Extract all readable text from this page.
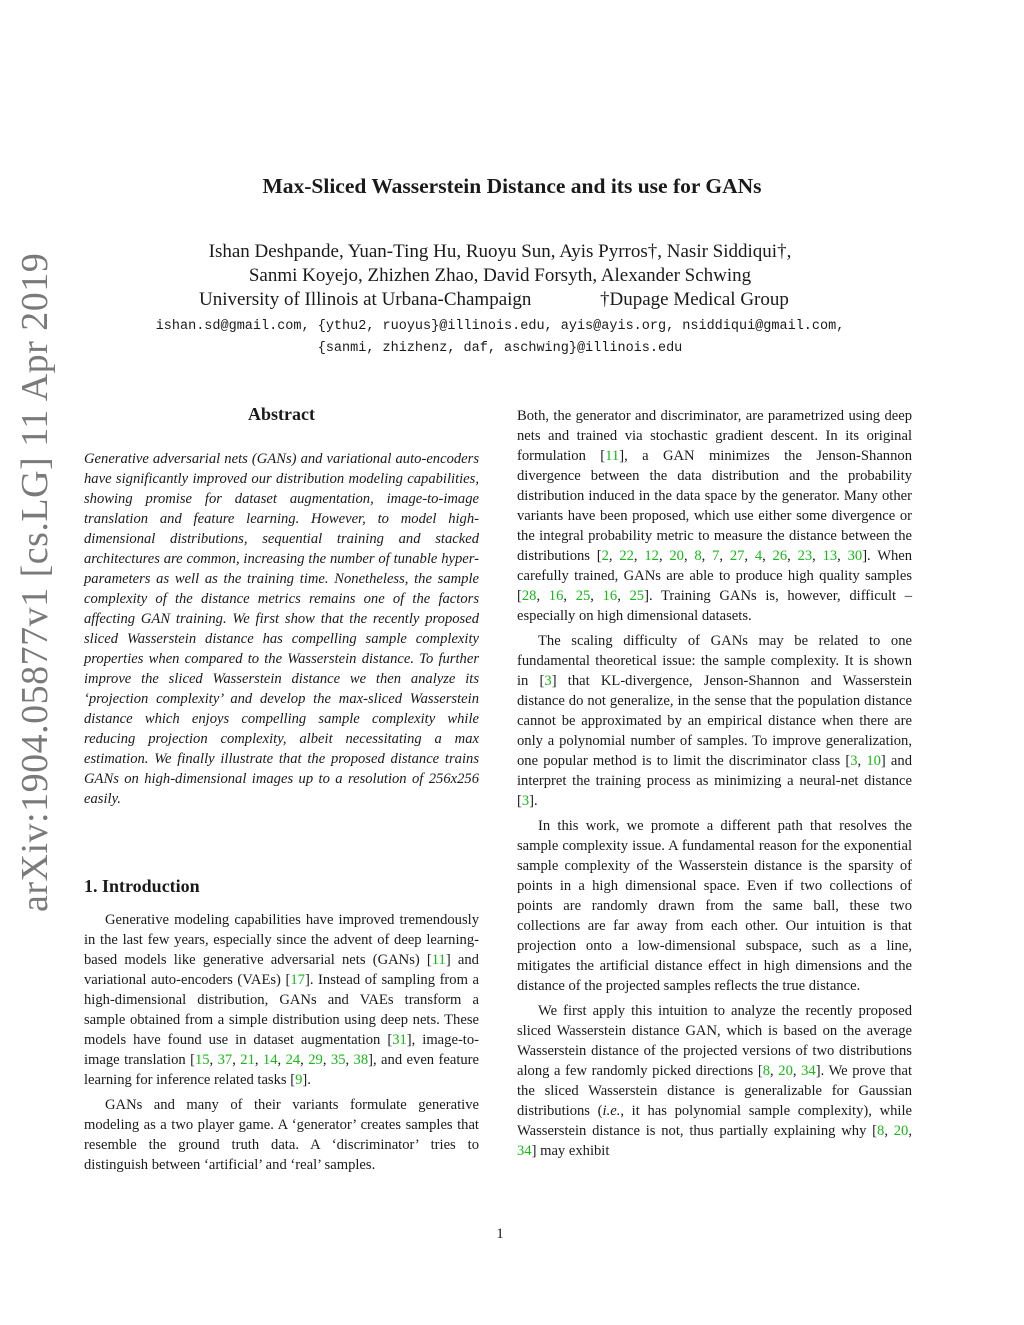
arXiv:1904.05877v1 [cs.LG] 11 Apr 2019
Max-Sliced Wasserstein Distance and its use for GANs
Ishan Deshpande, Yuan-Ting Hu, Ruoyu Sun, Ayis Pyrros†, Nasir Siddiqui†,
Sanmi Koyejo, Zhizhen Zhao, David Forsyth, Alexander Schwing
University of Illinois at Urbana-Champaign	†Dupage Medical Group
ishan.sd@gmail.com, {ythu2, ruoyus}@illinois.edu, ayis@ayis.org, nsiddiqui@gmail.com,
{sanmi, zhizhenz, daf, aschwing}@illinois.edu
Abstract

Generative adversarial nets (GANs) and variational auto-encoders have significantly improved our distribution modeling capabilities, showing promise for dataset augmentation, image-to-image translation and feature learning. However, to model high-dimensional distributions, sequential training and stacked architectures are common, increasing the number of tunable hyper-parameters as well as the training time. Nonetheless, the sample complexity of the distance metrics remains one of the factors affecting GAN training. We first show that the recently proposed sliced Wasserstein distance has compelling sample complexity properties when compared to the Wasserstein distance. To further improve the sliced Wasserstein distance we then analyze its ‘projection complexity’ and develop the max-sliced Wasserstein distance which enjoys compelling sample complexity while reducing projection complexity, albeit necessitating a max estimation. We finally illustrate that the proposed distance trains GANs on high-dimensional images up to a resolution of 256x256 easily.

1. Introduction

Generative modeling capabilities have improved tremendously in the last few years, especially since the advent of deep learning-based models like generative adversarial nets (GANs) [11] and variational auto-encoders (VAEs) [17]. Instead of sampling from a high-dimensional distribution, GANs and VAEs transform a sample obtained from a simple distribution using deep nets. These models have found use in dataset augmentation [31], image-to-image translation [15, 37, 21, 14, 24, 29, 35, 38], and even feature learning for inference related tasks [9].

GANs and many of their variants formulate generative modeling as a two player game. A ‘generator’ creates samples that resemble the ground truth data. A ‘discriminator’ tries to distinguish between ‘artificial’ and ‘real’ samples.

Both, the generator and discriminator, are parametrized using deep nets and trained via stochastic gradient descent. In its original formulation [11], a GAN minimizes the Jenson-Shannon divergence between the data distribution and the probability distribution induced in the data space by the generator. Many other variants have been proposed, which use either some divergence or the integral probability metric to measure the distance between the distributions [2, 22, 12, 20, 8, 7, 27, 4, 26, 23, 13, 30]. When carefully trained, GANs are able to produce high quality samples [28, 16, 25, 16, 25]. Training GANs is, however, difficult – especially on high dimensional datasets.

The scaling difficulty of GANs may be related to one fundamental theoretical issue: the sample complexity. It is shown in [3] that KL-divergence, Jenson-Shannon and Wasserstein distance do not generalize, in the sense that the population distance cannot be approximated by an empirical distance when there are only a polynomial number of samples. To improve generalization, one popular method is to limit the discriminator class [3, 10] and interpret the training process as minimizing a neural-net distance [3].

In this work, we promote a different path that resolves the sample complexity issue. A fundamental reason for the exponential sample complexity of the Wasserstein distance is the sparsity of points in a high dimensional space. Even if two collections of points are randomly drawn from the same ball, these two collections are far away from each other. Our intuition is that projection onto a low-dimensional subspace, such as a line, mitigates the artificial distance effect in high dimensions and the distance of the projected samples reflects the true distance.

We first apply this intuition to analyze the recently proposed sliced Wasserstein distance GAN, which is based on the average Wasserstein distance of the projected versions of two distributions along a few randomly picked directions [8, 20, 34]. We prove that the sliced Wasserstein distance is generalizable for Gaussian distributions (i.e., it has polynomial sample complexity), while Wasserstein distance is not, thus partially explaining why [8, 20, 34] may exhibit

1
